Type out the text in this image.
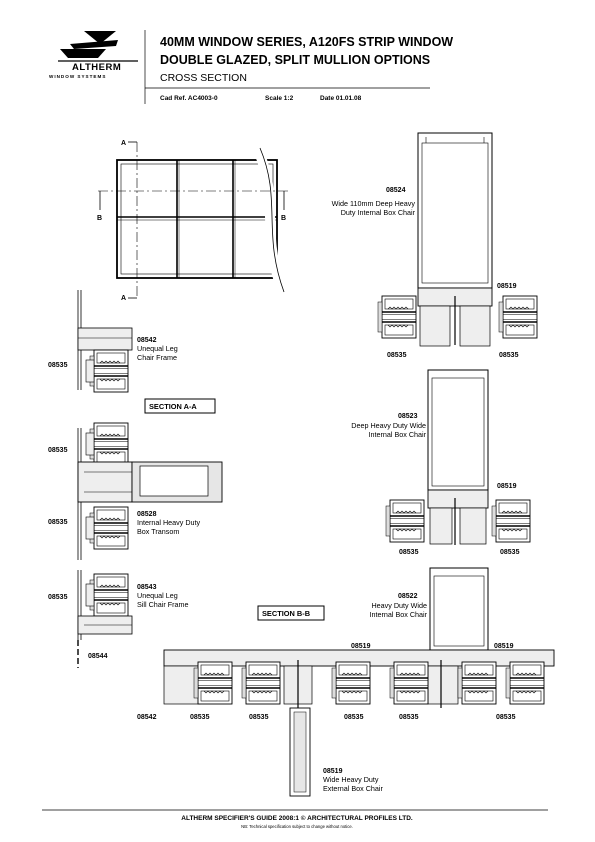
ALTHERM
WINDOW SYSTEMS
40MM WINDOW SERIES, A120FS STRIP WINDOW
DOUBLE GLAZED, SPLIT MULLION OPTIONS
CROSS SECTION
Cad Ref. AC4003-0	Scale 1:2	Date 01.01.08
A
A
B	B
SECTION A-A
08542
Unequal Leg
Chair Frame
08528
Internal Heavy Duty
Box Transom
08543
Unequal Leg
Sill Chair Frame
08535
08535
08535
08535
08544
SECTION B-B
08524
Wide 110mm Deep Heavy
Duty Internal Box Chair
08523
Deep Heavy Duty Wide
Internal Box Chair
08522
Heavy Duty Wide
Internal Box Chair
08519
08535	08535
08519
08535	08535
08519	08519
08542	08535	08535	08535	08535	08535
08519
Wide Heavy Duty
External Box Chair
ALTHERM SPECIFIER'S GUIDE 2008:1 © ARCHITECTURAL PROFILES LTD.
NB: Technical specification subject to change without notice.
